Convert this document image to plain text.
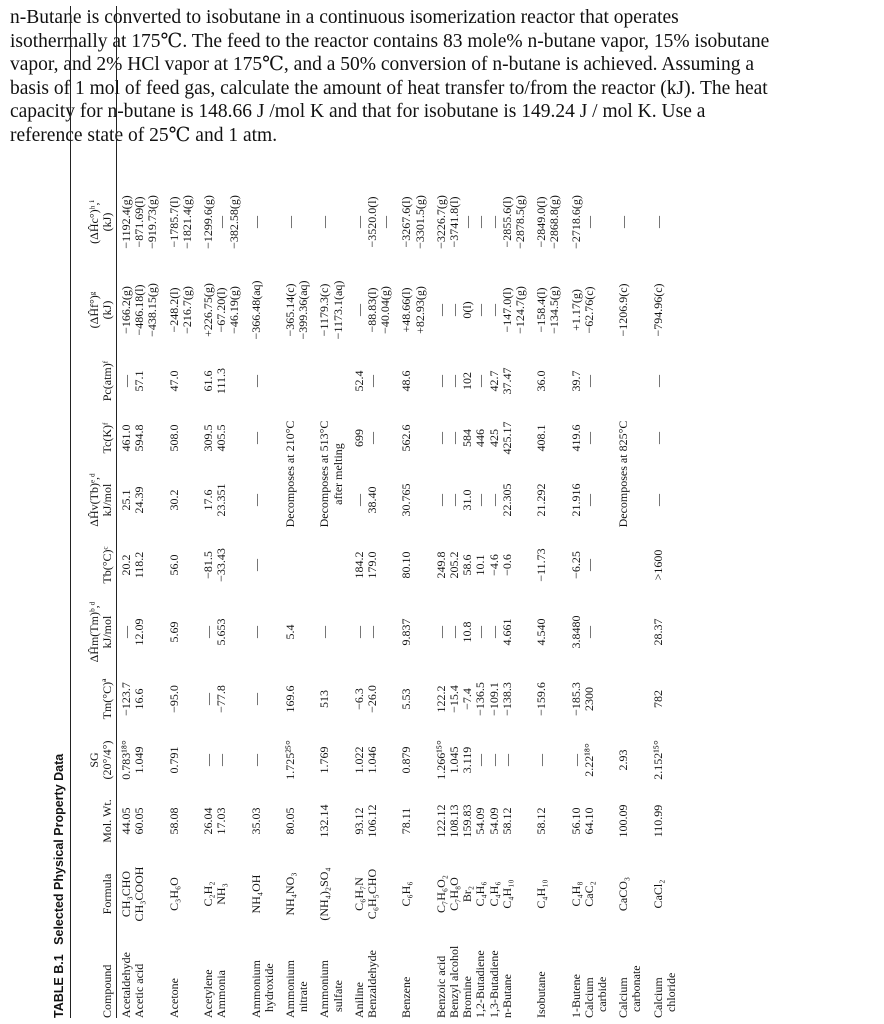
n-Butane is converted to isobutane in a continuous isomerization reactor that operates
isothermally at 175℃. The feed to the reactor contains 83 mole% n-butane vapor, 15% isobutane
vapor, and 2% HCl vapor at 175℃, and a 50% conversion of n-butane is achieved. Assuming a
basis of 1 mol of feed gas, calculate the amount of heat transfer to/from the reactor (kJ). The heat
capacity for n-butane is 148.66 J /mol K and that for isobutane is 149.24 J / mol K. Use a
reference state of 25℃ and 1 atm.
TABLE B.1 Selected Physical Property Data
Compound
Formula
Mol. Wt.
SG (20°/4°)
Tm(°C)ª
ΔĤm(Tm)ᵇ,ᵈ kJ/mol
Tb(°C)ᶜ
ΔĤv(Tb)ᵉ,ᵈ kJ/mol
Tc(K)ᶠ
Pc(atm)ᶠ
(ΔĤf°)ᵍ (kJ)
(ΔĤc°)ʰ,ⁱ (kJ)
Acetaldehyde
CH₃CHO
44.05
0.783¹⁸°
−123.7
—
20.2
25.1
461.0
—
−166.2(g)
−1192.4(g)
Acetic acid
CH₃COOH
60.05
1.049
16.6
12.09
118.2
24.39
594.8
57.1
−486.18(l)
−871.69(l)
−438.15(g)
−919.73(g)
Acetone
C₃H₆O
58.08
0.791
−95.0
5.69
56.0
30.2
508.0
47.0
−248.2(l)
−1785.7(l)
−216.7(g)
−1821.4(g)
Acetylene
C₂H₂
26.04
—
—
—
−81.5
17.6
309.5
61.6
+226.75(g)
−1299.6(g)
Ammonia
NH₃
17.03
—
−77.8
5.653
−33.43
23.351
405.5
111.3
−67.20(l)
—
−46.19(g)
−382.58(g)
Ammonium
NH₄OH
35.03
—
—
—
—
—
—
—
−366.48(aq)
—
hydroxide Ammonium
NH₄NO₃
80.05
1.725²⁵°
169.6
5.4
−365.14(c)
—
Decomposes at 210°C
nitrate
−399.36(aq)
Ammonium
(NH₄)₂SO₄
132.14
1.769
513
—
−1179.3(c)
—
Decomposes at 513°C
sulfate
−1173.1(aq)
after melting
Aniline
C₆H₇N
93.12
1.022
−6.3
—
184.2
—
699
52.4
—
—
Benzaldehyde
C₆H₅CHO
106.12
1.046
−26.0
—
179.0
38.40
—
—
−88.83(l)
−3520.0(l)
−40.04(g)
—
Benzene
C₆H₆
78.11
0.879
5.53
9.837
80.10
30.765
562.6
48.6
+48.66(l)
−3267.6(l)
+82.93(g)
−3301.5(g)
Benzoic acid
C₇H₆O₂
122.12
1.266¹⁵°
122.2
—
249.8
—
—
—
—
−3226.7(g)
Benzyl alcohol
C₇H₈O
108.13
1.045
−15.4
—
205.2
—
—
—
—
−3741.8(l)
Bromine
Br₂
159.83
3.119
−7.4
10.8
58.6
31.0
584
102
0(l)
—
1,2-Butadiene
C₄H₆
54.09
—
−136.5
—
10.1
—
446
—
—
—
1,3-Butadiene
C₄H₆
54.09
—
−109.1
—
−4.6
—
425
42.7
—
—
n-Butane
C₄H₁₀
58.12
—
−138.3
4.661
−0.6
22.305
425.17
37.47
−147.0(l)
−2855.6(l)
−124.7(g)
−2878.5(g)
Isobutane
C₄H₁₀
58.12
—
−159.6
4.540
−11.73
21.292
408.1
36.0
−158.4(l)
−2849.0(l)
−134.5(g)
−2868.8(g)
1-Butene
C₄H₈
56.10
—
−185.3
3.8480
−6.25
21.916
419.6
39.7
+1.17(g)
−2718.6(g)
Calcium
CaC₂
64.10
2.22¹⁸°
2300
—
—
—
—
—
−62.76(c)
—
carbide Calcium
CaCO₃
100.09
2.93
−1206.9(c)
—
Decomposes at 825°C
carbonate Calcium
CaCl₂
110.99
2.152¹⁵°
782
28.37
>1600
—
—
—
−794.96(c)
—
chloride
